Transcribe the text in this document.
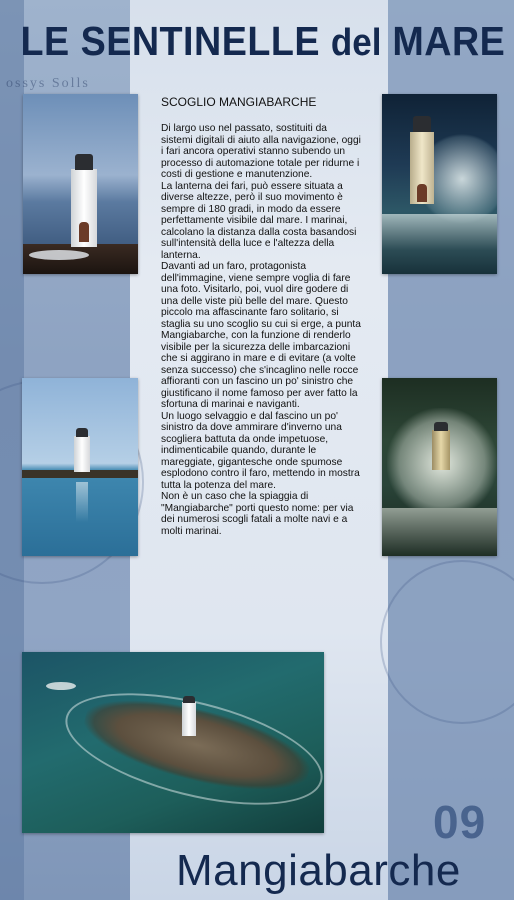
ossys Solls
LE SENTINELLE del MARE
SCOGLIO MANGIABARCHE

Di largo uso nel passato, sostituiti da sistemi digitali di aiuto alla navigazione, oggi i fari ancora operativi stanno subendo un processo di automazione totale per ridurne i costi di gestione e manutenzione.

La lanterna dei fari, può essere situata a diverse altezze, però il suo movimento è sempre di 180 gradi, in modo da essere perfettamente visibile dal mare. I marinai, calcolano la distanza dalla costa basandosi sull'intensità della luce e l'altezza della lanterna.

Davanti ad un faro, protagonista dell'immagine, viene sempre voglia di fare una foto. Visitarlo, poi, vuol dire godere di una delle viste più belle del mare. Questo piccolo ma affascinante faro solitario, si staglia su uno scoglio su cui si erge, a punta Mangiabarche, con la funzione di renderlo visibile per la sicurezza delle imbarcazioni che si aggirano in mare e di evitare (a volte senza successo) che s'incaglino nelle rocce affioranti con un fascino un po' sinistro che giustificano il nome famoso per aver fatto la sfortuna di marinai e naviganti.

Un luogo selvaggio e dal fascino un po' sinistro da dove ammirare d'inverno una scogliera battuta da onde impetuose, indimenticabile quando, durante le mareggiate, gigantesche onde spumose esplodono contro il faro, mettendo in mostra tutta la potenza del mare.

Non è un caso che la spiaggia di "Mangiabarche" porti questo nome: per via dei numerosi scogli fatali a molte navi e a molti marinai.

09
Mangiabarche
